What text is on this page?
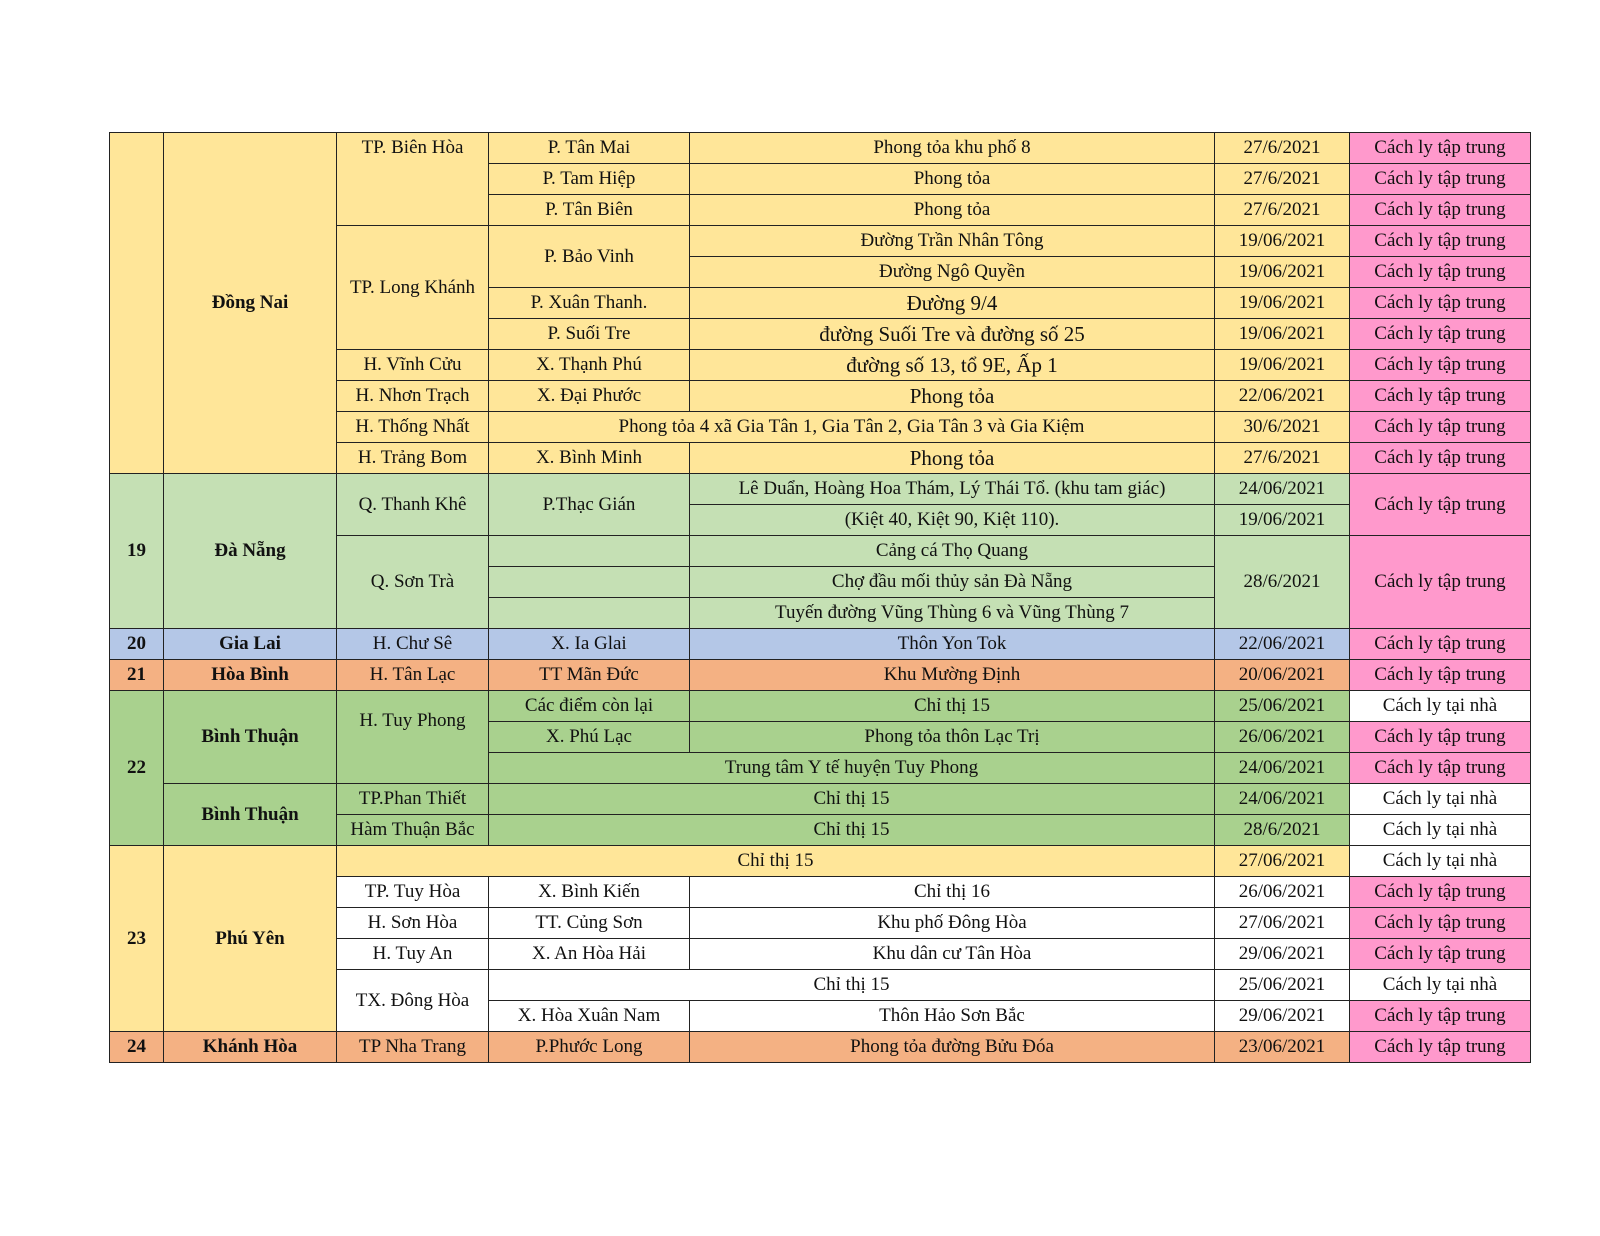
	Đồng Nai	TP. Biên Hòa	P. Tân Mai	Phong tỏa khu phố 8	27/6/2021	Cách ly tập trung
			P. Tam Hiệp	Phong tỏa	27/6/2021	Cách ly tập trung
			P. Tân Biên	Phong tỏa	27/6/2021	Cách ly tập trung
		TP. Long Khánh	P. Bảo Vinh	Đường Trần Nhân Tông	19/06/2021	Cách ly tập trung
				Đường Ngô Quyền	19/06/2021	Cách ly tập trung
			P. Xuân Thanh.	Đường 9/4	19/06/2021	Cách ly tập trung
			P. Suối Tre	đường Suối Tre và đường số 25	19/06/2021	Cách ly tập trung
		H. Vĩnh Cửu	X. Thạnh Phú	đường số 13, tổ 9E, Ấp 1	19/06/2021	Cách ly tập trung
		H. Nhơn Trạch	X. Đại Phước	Phong tỏa	22/06/2021	Cách ly tập trung
		H. Thống Nhất	Phong tỏa 4 xã Gia Tân 1, Gia Tân 2, Gia Tân 3 và Gia Kiệm		30/6/2021	Cách ly tập trung
		H. Trảng Bom	X. Bình Minh	Phong tỏa	27/6/2021	Cách ly tập trung
19	Đà Nẵng	Q. Thanh Khê	P.Thạc Gián	Lê Duẩn, Hoàng Hoa Thám, Lý Thái Tổ. (khu tam giác)	24/06/2021	Cách ly tập trung
				(Kiệt 40, Kiệt 90, Kiệt 110).	19/06/2021	
		Q. Sơn Trà		Cảng cá Thọ Quang	28/6/2021	Cách ly tập trung
				Chợ đầu mối thủy sản Đà Nẵng		
				Tuyến đường Vũng Thùng 6 và Vũng Thùng 7		
20	Gia Lai	H. Chư Sê	X. Ia Glai	Thôn Yon Tok	22/06/2021	Cách ly tập trung
21	Hòa Bình	H. Tân Lạc	TT Mãn Đức	Khu Mường Định	20/06/2021	Cách ly tập trung
22	Bình Thuận	H. Tuy Phong	Các điểm còn lại	Chỉ thị 15	25/06/2021	Cách ly tại nhà
			X. Phú Lạc	Phong tỏa thôn Lạc Trị	26/06/2021	Cách ly tập trung
			Trung tâm Y tế huyện Tuy Phong		24/06/2021	Cách ly tập trung
	Bình Thuận	TP.Phan Thiết	Chỉ thị 15		24/06/2021	Cách ly tại nhà
		Hàm Thuận Bắc	Chỉ thị 15		28/6/2021	Cách ly tại nhà
23	Phú Yên	Chỉ thị 15			27/06/2021	Cách ly tại nhà
		TP. Tuy Hòa	X. Bình Kiến	Chỉ thị 16	26/06/2021	Cách ly tập trung
		H. Sơn Hòa	TT. Củng Sơn	Khu phố Đông Hòa	27/06/2021	Cách ly tập trung
		H. Tuy An	X. An Hòa Hải	Khu dân cư Tân Hòa	29/06/2021	Cách ly tập trung
		TX. Đông Hòa	Chỉ thị 15		25/06/2021	Cách ly tại nhà
			X. Hòa Xuân Nam	Thôn Hảo Sơn Bắc	29/06/2021	Cách ly tập trung
24	Khánh Hòa	TP Nha Trang	P.Phước Long	Phong tỏa đường Bửu Đóa	23/06/2021	Cách ly tập trung
